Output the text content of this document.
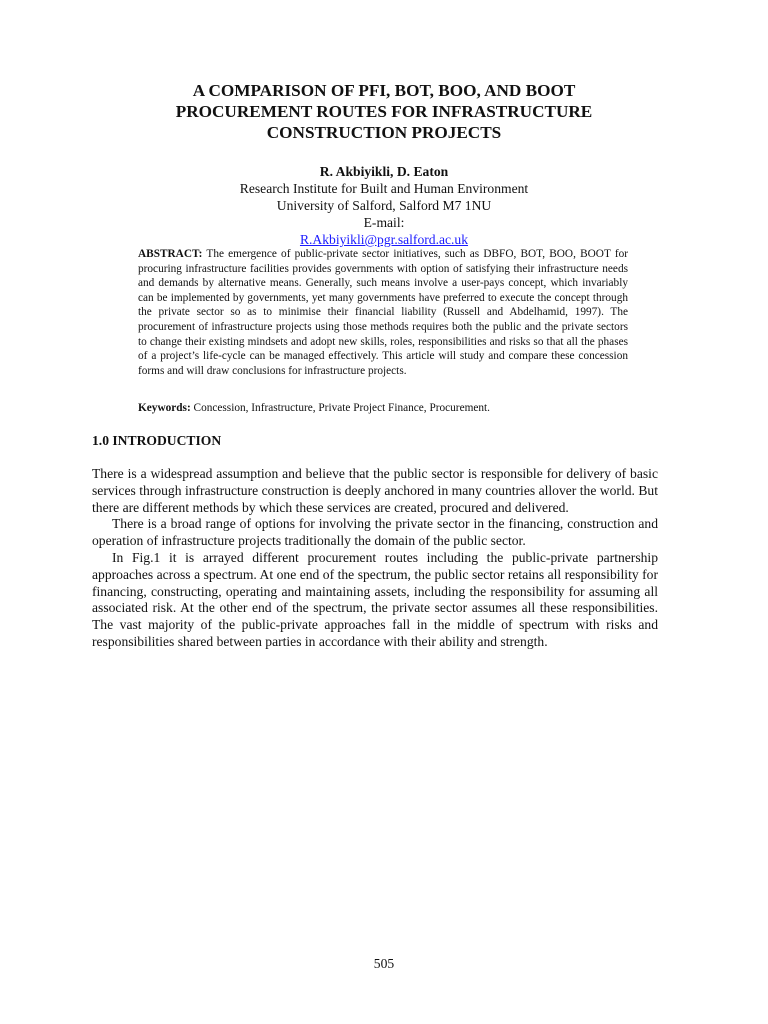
A COMPARISON OF PFI, BOT, BOO, AND BOOT
PROCUREMENT ROUTES FOR INFRASTRUCTURE
CONSTRUCTION PROJECTS
R. Akbiyikli, D. Eaton
Research Institute for Built and Human Environment
University of Salford, Salford M7 1NU
E-mail:
R.Akbiyikli@pgr.salford.ac.uk

ABSTRACT: The emergence of public-private sector initiatives, such as DBFO, BOT, BOO, BOOT for procuring infrastructure facilities provides governments with option of satisfying their infrastructure needs and demands by alternative means. Generally, such means involve a user-pays concept, which invariably can be implemented by governments, yet many governments have preferred to execute the concept through the private sector so as to minimise their financial liability (Russell and Abdelhamid, 1997). The procurement of infrastructure projects using those methods requires both the public and the private sectors to change their existing mindsets and adopt new skills, roles, responsibilities and risks so that all the phases of a project’s life-cycle can be managed effectively. This article will study and compare these concession forms and will draw conclusions for infrastructure projects.

Keywords: Concession, Infrastructure, Private Project Finance, Procurement.

1.0 INTRODUCTION

There is a widespread assumption and believe that the public sector is responsible for delivery of basic services through infrastructure construction is deeply anchored in many countries allover the world. But there are different methods by which these services are created, procured and delivered.

There is a broad range of options for involving the private sector in the financing, construction and operation of infrastructure projects traditionally the domain of the public sector.

In Fig.1 it is arrayed different procurement routes including the public-private partnership approaches across a spectrum. At one end of the spectrum, the public sector retains all responsibility for financing, constructing, operating and maintaining assets, including the responsibility for assuming all associated risk. At the other end of the spectrum, the private sector assumes all these responsibilities. The vast majority of the public-private approaches fall in the middle of spectrum with risks and responsibilities shared between parties in accordance with their ability and strength.

505
